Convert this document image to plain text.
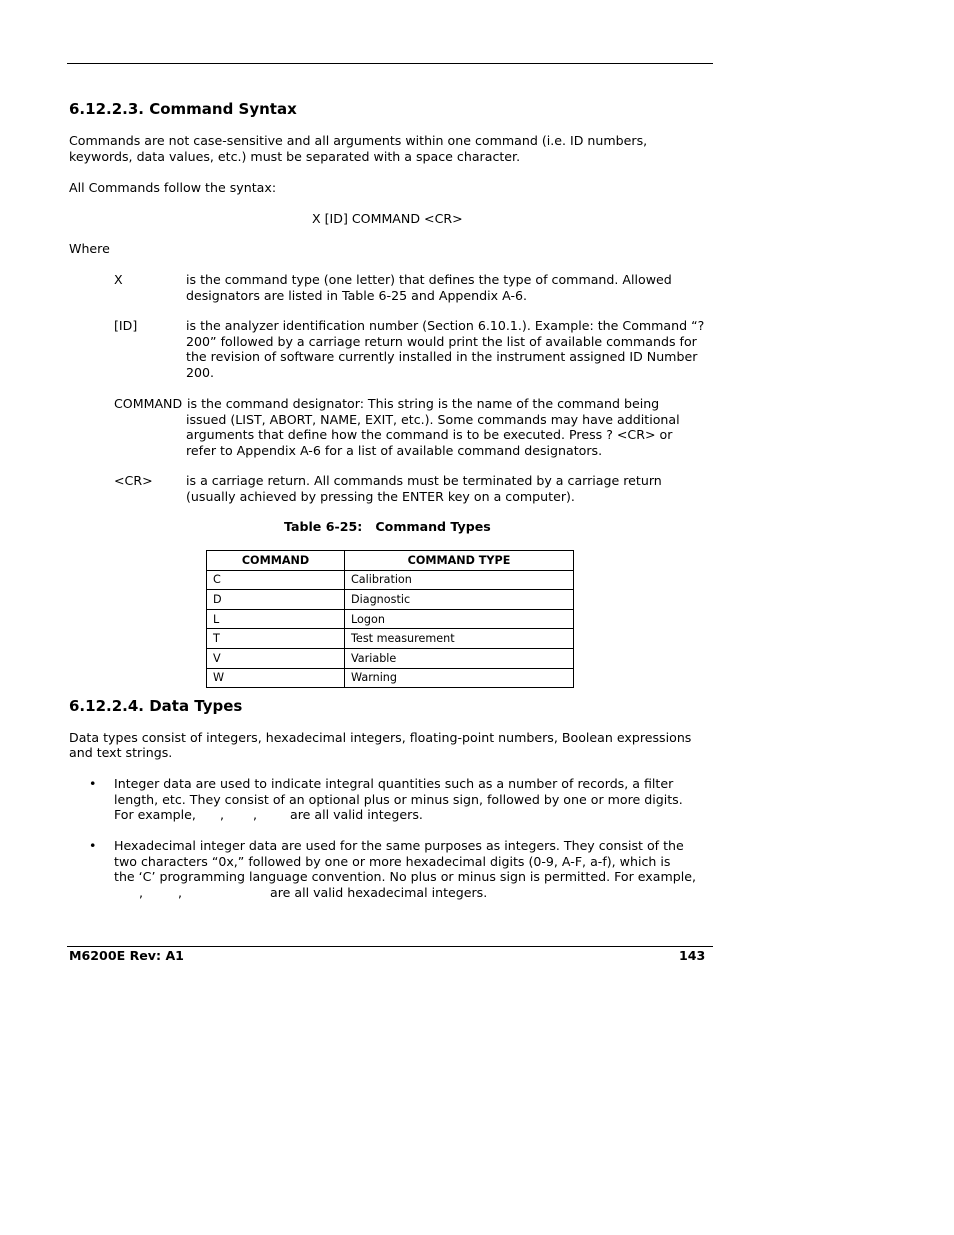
6.12.2.3. Command Syntax
Commands are not case-sensitive and all arguments within one command (i.e. ID numbers,
keywords, data values, etc.) must be separated with a space character.
All Commands follow the syntax:
X [ID] COMMAND <CR>
Where
X	is the command type (one letter) that defines the type of command. Allowed designators are listed in Table 6-25 and Appendix A-6.
[ID]	is the analyzer identification number (Section 6.10.1.). Example: the Command “? 200” followed by a carriage return would print the list of available commands for the revision of software currently installed in the instrument assigned ID Number 200.
COMMAND is the command designator: This string is the name of the command being
issued (LIST, ABORT, NAME, EXIT, etc.). Some commands may have additional arguments that define how the command is to be executed. Press ? <CR> or refer to Appendix A-6 for a list of available command designators.
<CR>	is a carriage return. All commands must be terminated by a carriage return (usually achieved by pressing the ENTER key on a computer).
Table 6-25:   Command Types
COMMAND	COMMAND TYPE
C	Calibration
D	Diagnostic
L	Logon
T	Test measurement
V	Variable
W	Warning
6.12.2.4. Data Types
Data types consist of integers, hexadecimal integers, floating-point numbers, Boolean expressions
and text strings.
• Integer data are used to indicate integral quantities such as a number of records, a filter
length, etc. They consist of an optional plus or minus sign, followed by one or more digits.
For example, , ,	are all valid integers.
• Hexadecimal integer data are used for the same purposes as integers. They consist of the
two characters “0x,” followed by one or more hexadecimal digits (0-9, A-F, a-f), which is
the ‘C’ programming language convention. No plus or minus sign is permitted. For example,
,	,	are all valid hexadecimal integers.
M6200E Rev: A1	143
